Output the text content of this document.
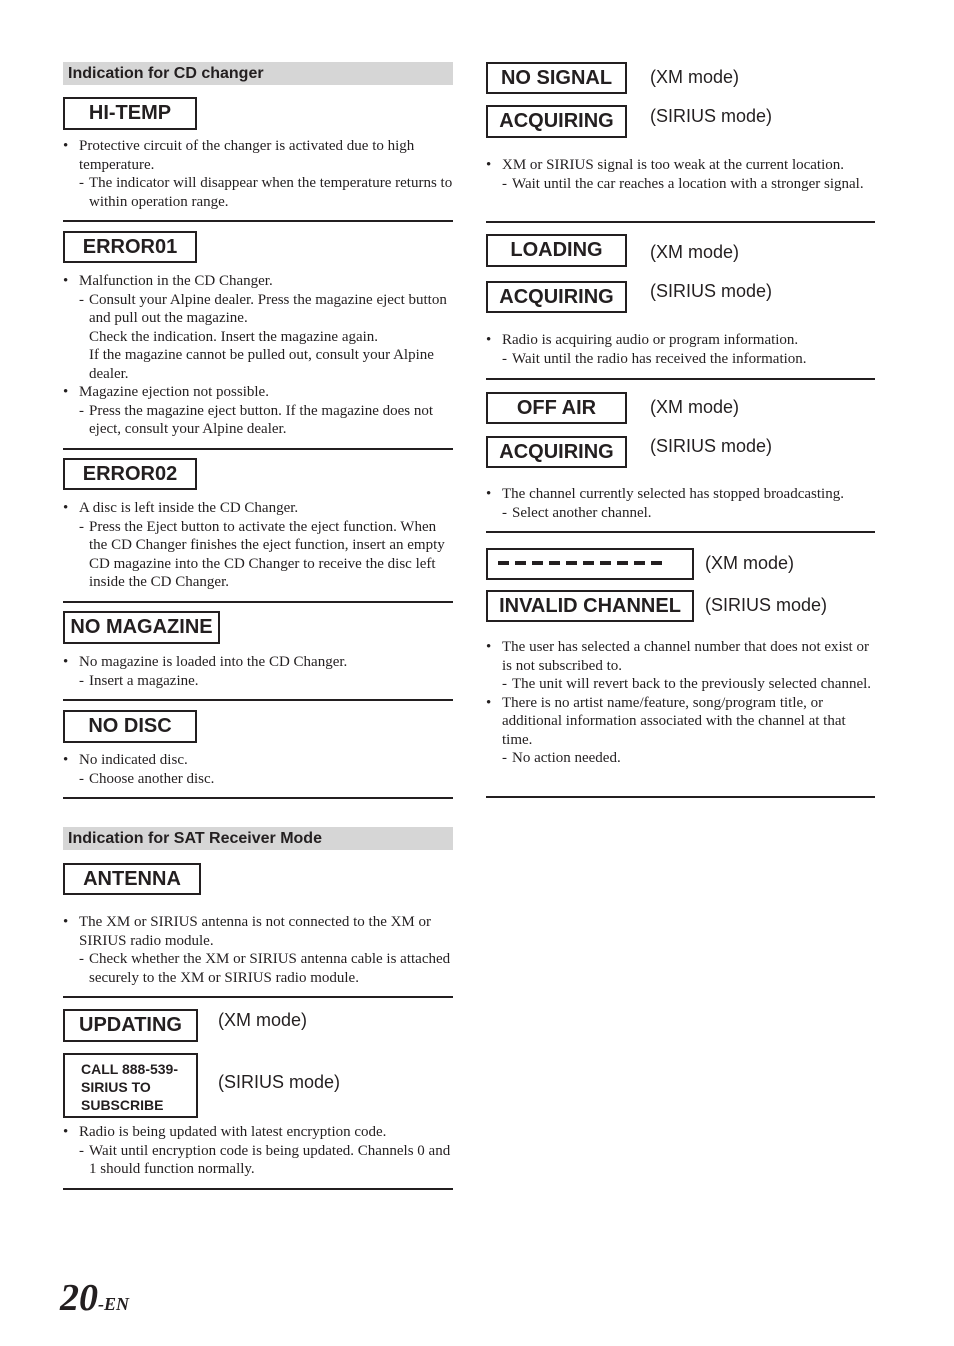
Indication for CD changer
HI-TEMP
• Protective circuit of the changer is activated due to high temperature.
- The indicator will disappear when the temperature returns to within operation range.
ERROR01
• Malfunction in the CD Changer.
- Consult your Alpine dealer. Press the magazine eject button and pull out the magazine.
Check the indication. Insert the magazine again.
If the magazine cannot be pulled out, consult your Alpine dealer.
• Magazine ejection not possible.
- Press the magazine eject button. If the magazine does not eject, consult your Alpine dealer.
ERROR02
• A disc is left inside the CD Changer.
- Press the Eject button to activate the eject function. When the CD Changer finishes the eject function, insert an empty CD magazine into the CD Changer to receive the disc left inside the CD Changer.
NO MAGAZINE
• No magazine is loaded into the CD Changer.
- Insert a magazine.
NO DISC
• No indicated disc.
- Choose another disc.
Indication for SAT Receiver Mode
ANTENNA
• The XM or SIRIUS antenna is not connected to the XM or SIRIUS radio module.
- Check whether the XM or SIRIUS antenna cable is attached securely to the XM or SIRIUS radio module.
UPDATING	(XM mode)
CALL 888-539-
SIRIUS TO
SUBSCRIBE
(SIRIUS mode)
• Radio is being updated with latest encryption code.
- Wait until encryption code is being updated. Channels 0 and 1 should function normally.
NO SIGNAL	(XM mode)
ACQUIRING	(SIRIUS mode)
• XM or SIRIUS signal is too weak at the current location.
- Wait until the car reaches a location with a stronger signal.
LOADING	(XM mode)
ACQUIRING	(SIRIUS mode)
• Radio is acquiring audio or program information.
- Wait until the radio has received the information.
OFF AIR	(XM mode)
ACQUIRING	(SIRIUS mode)
• The channel currently selected has stopped broadcasting.
- Select another channel.
(XM mode)
INVALID CHANNEL	(SIRIUS mode)
• The user has selected a channel number that does not exist or is not subscribed to.
- The unit will revert back to the previously selected channel.
• There is no artist name/feature, song/program title, or additional information associated with the channel at that time.
- No action needed.
20-EN
